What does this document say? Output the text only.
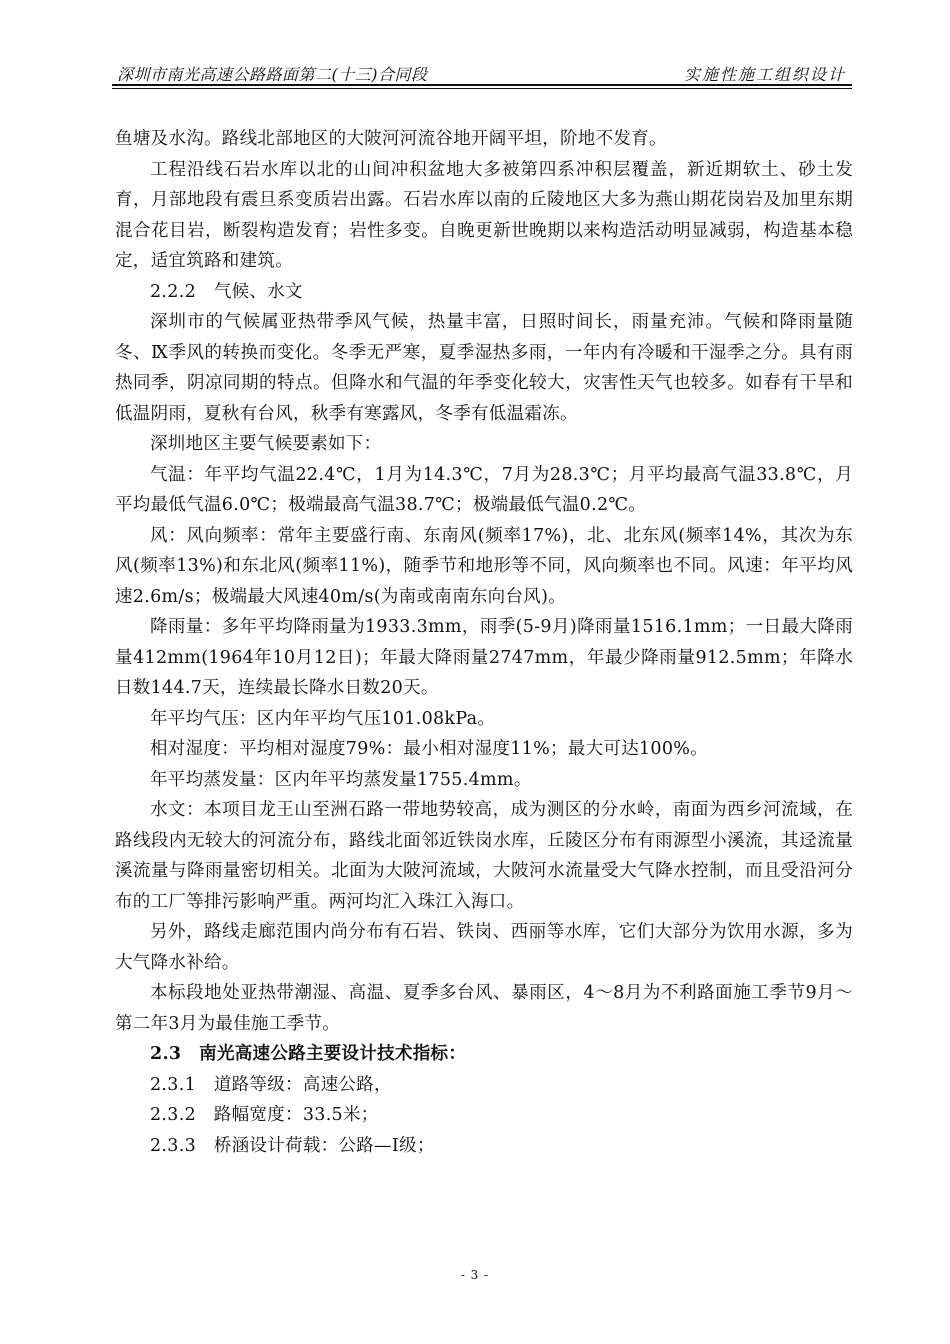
深圳市南光高速公路路面第二(十三)合同段	实施性施工组织设计

鱼塘及水沟。路线北部地区的大陂河河流谷地开阔平坦，阶地不发育。

工程沿线石岩水库以北的山间冲积盆地大多被第四系冲积层覆盖，新近期软土、砂土发育，月部地段有震旦系变质岩出露。石岩水库以南的丘陵地区大多为燕山期花岗岩及加里东期混合花目岩，断裂构造发育；岩性多变。自晚更新世晚期以来构造活动明显减弱，构造基本稳定，适宜筑路和建筑。

2.2.2　气候、水文

深圳市的气候属亚热带季风气候，热量丰富，日照时间长，雨量充沛。气候和降雨量随冬、Ⅸ季风的转换而变化。冬季无严寒，夏季湿热多雨，一年内有冷暖和干湿季之分。具有雨热同季，阴凉同期的特点。但降水和气温的年季变化较大，灾害性天气也较多。如春有干旱和低温阴雨，夏秋有台风，秋季有寒露风，冬季有低温霜冻。

深圳地区主要气候要素如下：

气温：年平均气温22.4℃，1月为14.3℃，7月为28.3℃；月平均最高气温33.8℃，月平均最低气温6.0℃；极端最高气温38.7℃；极端最低气温0.2℃。

风：风向频率：常年主要盛行南、东南风(频率17%)，北、北东风(频率14%，其次为东风(频率13%)和东北风(频率11%)，随季节和地形等不同，风向频率也不同。风速：年平均风速2.6m/s；极端最大风速40m/s(为南或南南东向台风)。

降雨量：多年平均降雨量为1933.3mm，雨季(5-9月)降雨量1516.1mm；一日最大降雨量412mm(1964年10月12日)；年最大降雨量2747mm，年最少降雨量912.5mm；年降水日数144.7天，连续最长降水日数20天。

年平均气压：区内年平均气压101.08kPa。

相对湿度：平均相对湿度79%：最小相对湿度11%；最大可达100%。

年平均蒸发量：区内年平均蒸发量1755.4mm。

水文：本项目龙王山至洲石路一带地势较高，成为测区的分水岭，南面为西乡河流域，在路线段内无较大的河流分布，路线北面邻近铁岗水库，丘陵区分布有雨源型小溪流，其迳流量溪流量与降雨量密切相关。北面为大陂河流域，大陂河水流量受大气降水控制，而且受沿河分布的工厂等排污影响严重。两河均汇入珠江入海口。

另外，路线走廊范围内尚分布有石岩、铁岗、西丽等水库，它们大部分为饮用水源，多为大气降水补给。

本标段地处亚热带潮湿、高温、夏季多台风、暴雨区，4～8月为不利路面施工季节9月～第二年3月为最佳施工季节。

2.3　南光高速公路主要设计技术指标：

2.3.1　道路等级：高速公路，

2.3.2　路幅宽度：33.5米；

2.3.3　桥涵设计荷载：公路—Ⅰ级；

- 3 -
